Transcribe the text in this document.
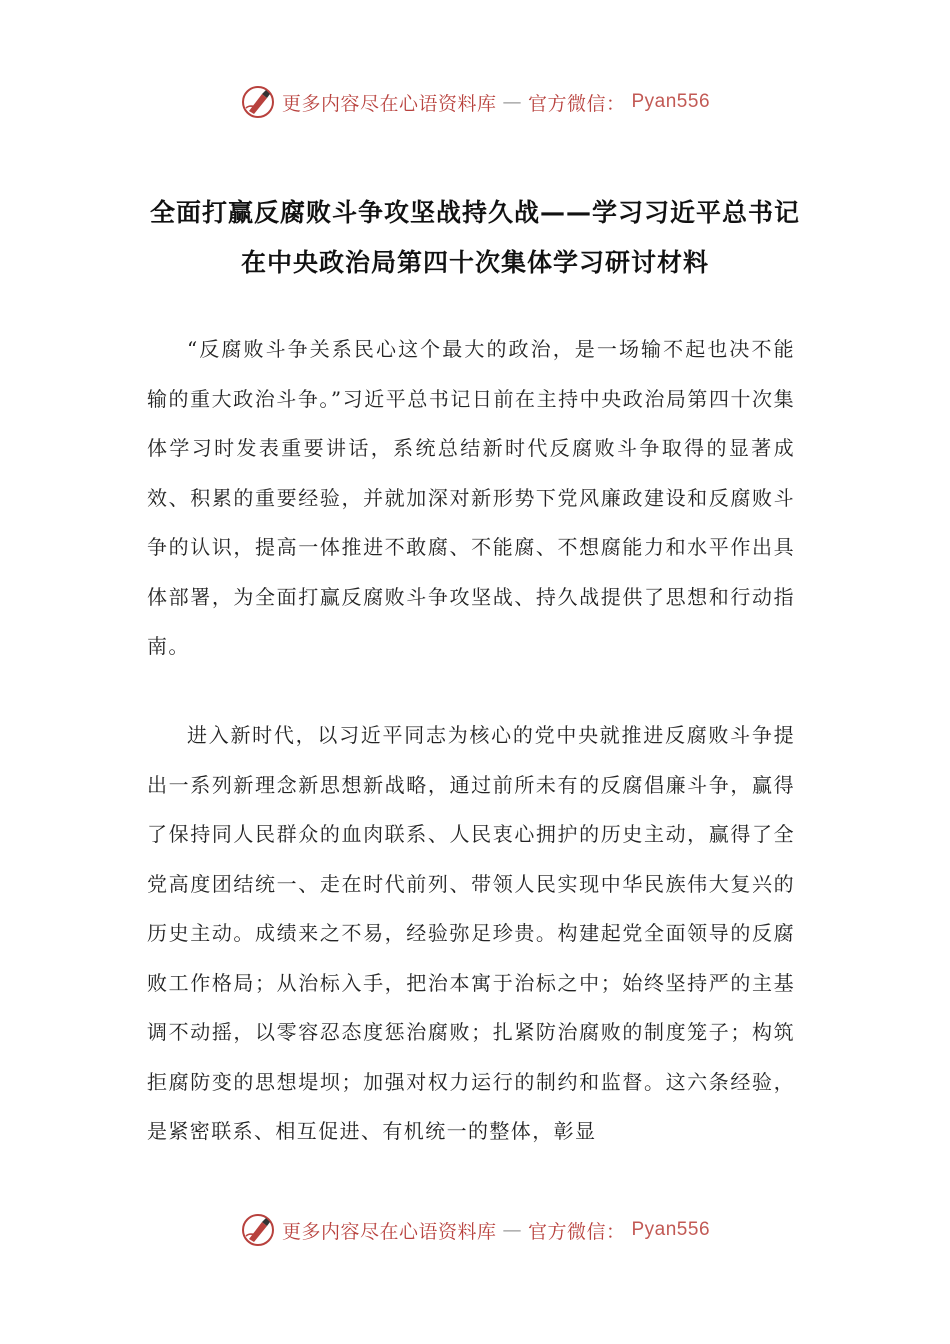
更多内容尽在心语资料库 — 官方微信： Pyan556
全面打赢反腐败斗争攻坚战持久战——学习习近平总书记
在中央政治局第四十次集体学习研讨材料

“反腐败斗争关系民心这个最大的政治，是一场输不起也决不能输的重大政治斗争。”习近平总书记日前在主持中央政治局第四十次集体学习时发表重要讲话，系统总结新时代反腐败斗争取得的显著成效、积累的重要经验，并就加深对新形势下党风廉政建设和反腐败斗争的认识，提高一体推进不敢腐、不能腐、不想腐能力和水平作出具体部署，为全面打赢反腐败斗争攻坚战、持久战提供了思想和行动指南。

进入新时代，以习近平同志为核心的党中央就推进反腐败斗争提出一系列新理念新思想新战略，通过前所未有的反腐倡廉斗争，赢得了保持同人民群众的血肉联系、人民衷心拥护的历史主动，赢得了全党高度团结统一、走在时代前列、带领人民实现中华民族伟大复兴的历史主动。成绩来之不易，经验弥足珍贵。构建起党全面领导的反腐败工作格局；从治标入手，把治本寓于治标之中；始终坚持严的主基调不动摇，以零容忍态度惩治腐败；扎紧防治腐败的制度笼子；构筑拒腐防变的思想堤坝；加强对权力运行的制约和监督。这六条经验，是紧密联系、相互促进、有机统一的整体，彰显

更多内容尽在心语资料库 — 官方微信： Pyan556
